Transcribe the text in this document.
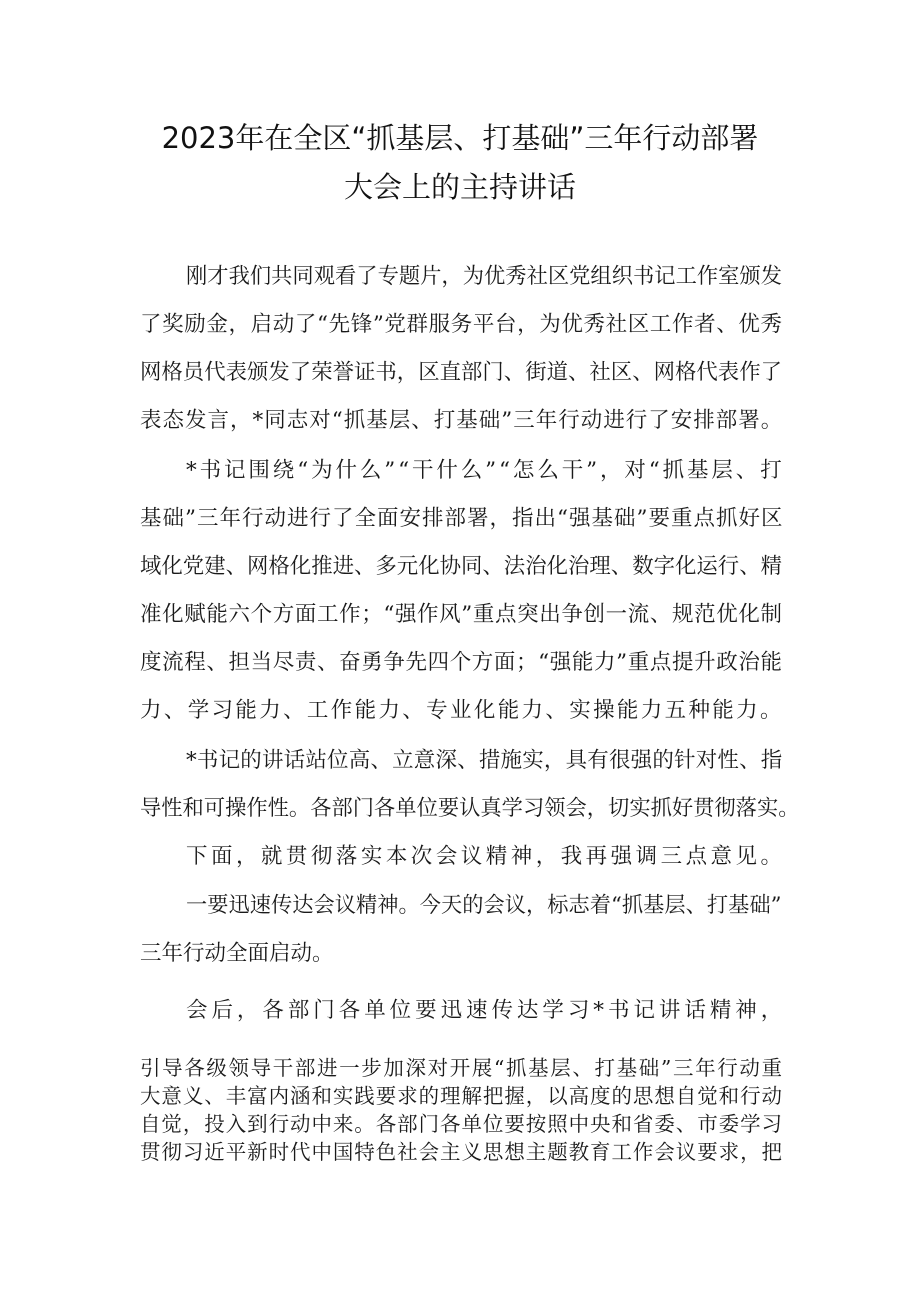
2023年在全区“抓基层、打基础”三年行动部署
大会上的主持讲话
刚才我们共同观看了专题片，为优秀社区党组织书记工作室颁发
了奖励金，启动了“先锋”党群服务平台，为优秀社区工作者、优秀
网格员代表颁发了荣誉证书，区直部门、街道、社区、网格代表作了
表态发言，*同志对“抓基层、打基础”三年行动进行了安排部署。
*书记围绕“为什么”“干什么”“怎么干”，对“抓基层、打
基础”三年行动进行了全面安排部署，指出“强基础”要重点抓好区
域化党建、网格化推进、多元化协同、法治化治理、数字化运行、精
准化赋能六个方面工作；“强作风”重点突出争创一流、规范优化制
度流程、担当尽责、奋勇争先四个方面；“强能力”重点提升政治能
力、学习能力、工作能力、专业化能力、实操能力五种能力。
*书记的讲话站位高、立意深、措施实，具有很强的针对性、指
导性和可操作性。各部门各单位要认真学习领会，切实抓好贯彻落实。
下面，就贯彻落实本次会议精神，我再强调三点意见。
一要迅速传达会议精神。今天的会议，标志着“抓基层、打基础”
三年行动全面启动。
会后，各部门各单位要迅速传达学习*书记讲话精神，
引导各级领导干部进一步加深对开展“抓基层、打基础”三年行动重
大意义、丰富内涵和实践要求的理解把握，以高度的思想自觉和行动
自觉，投入到行动中来。各部门各单位要按照中央和省委、市委学习
贯彻习近平新时代中国特色社会主义思想主题教育工作会议要求，把
